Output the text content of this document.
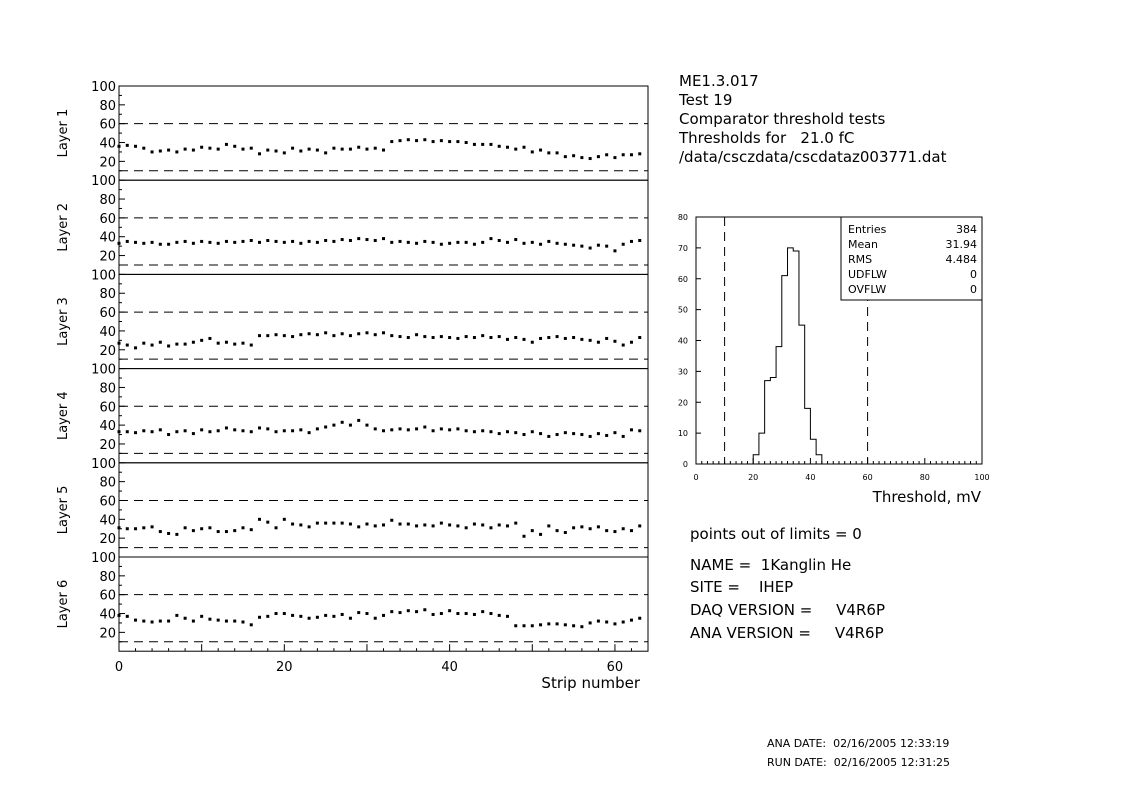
20
40
60
80
100
Layer 1
20
40
60
80
100
Layer 2
20
40
60
80
100
Layer 3
20
40
60
80
100
Layer 4
20
40
60
80
100
Layer 5
20
40
60
80
100
Layer 6
0	20	40	60
Strip number
0
10
20
30
40
50
60
70
80
0	20	40	60	80	100
Threshold, mV
Entries	384
Mean	31.94
RMS	4.484
UDFLW	0
OVFLW	0
ME1.3.017
Test 19
Comparator threshold tests
Thresholds for   21.0 fC
/data/csczdata/cscdataz003771.dat
points out of limits = 0
NAME =  1Kanglin He
SITE =    IHEP
DAQ VERSION =     V4R6P
ANA VERSION =     V4R6P
ANA DATE:  02/16/2005 12:33:19
RUN DATE:  02/16/2005 12:31:25
